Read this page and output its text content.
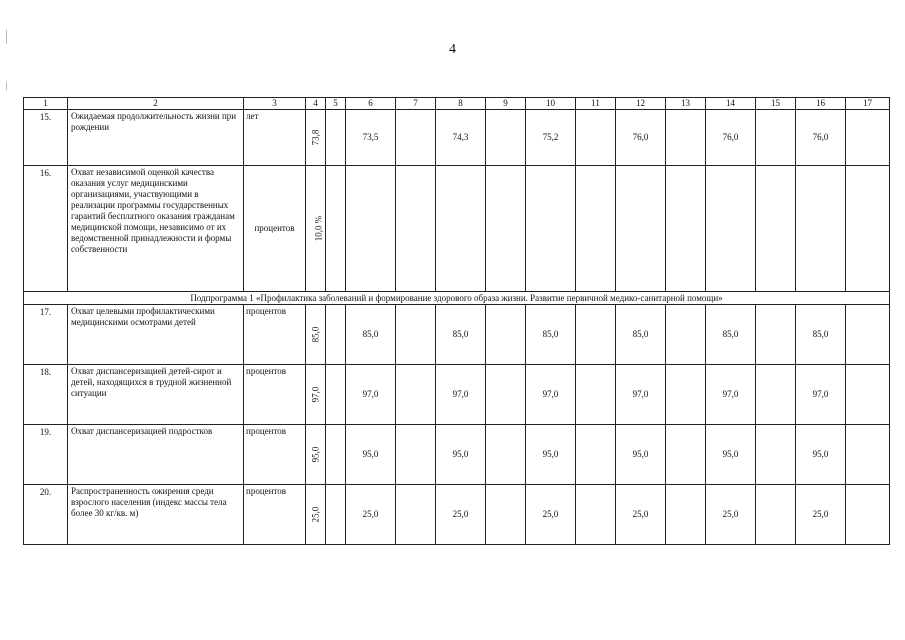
4
1	2	3	4	5	6	7	8	9	10	11	12	13	14	15	16	17
15.	Ожидаемая продолжительность жизни при рождении	лет	73,8		73,5		74,3		75,2		76,0		76,0		76,0	
16.	Охват независимой оценкой качества оказания услуг медицинскими организациями, участвующими в реализации программы государственных гарантий бесплатного оказания гражданам медицинской помощи, независимо от их ведомственной принадлежности и формы собственности	процентов	10,0 %													
Подпрограмма 1 «Профилактика заболеваний и формирование здорового образа жизни. Развитие первичной медико-санитарной помощи»																
17.	Охват целевыми профилактическими медицинскими осмотрами детей	процентов	85,0		85,0		85,0		85,0		85,0		85,0		85,0	
18.	Охват диспансеризацией детей-сирот и детей, находящихся в трудной жизненной ситуации	процентов	97,0		97,0		97,0		97,0		97,0		97,0		97,0	
19.	Охват диспансеризацией подростков	процентов	95,0		95,0		95,0		95,0		95,0		95,0		95,0	
20.	Распространенность ожирения среди взрослого населения (индекс массы тела более 30 кг/кв. м)	процентов	25,0		25,0		25,0		25,0		25,0		25,0		25,0	
